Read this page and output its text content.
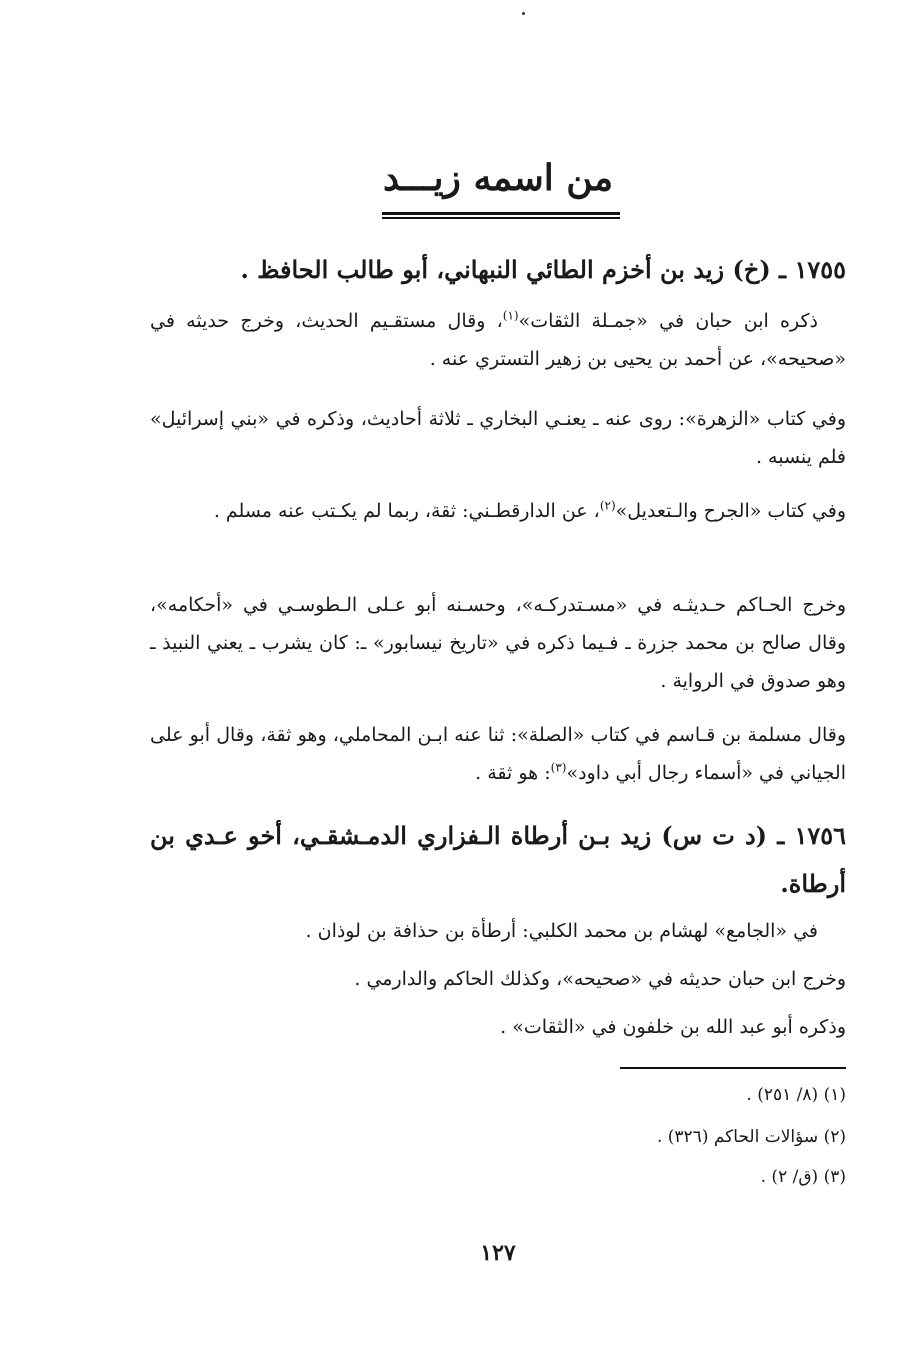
من اسمه زيـــد
١٧٥٥ ـ (خ) زيد بن أخزم الطائي النبهاني، أبو طالب الحافظ .
ذكره ابن حبان في «جمـلة الثقات»$^{(١)}$، وقال مستقـيم الحديث، وخرج حديثه في «صحيحه»، عن أحمد بن يحيى بن زهير التستري عنه .
وفي كتاب «الزهرة»: روى عنه ـ يعنـي البخاري ـ ثلاثة أحاديث، وذكره في «بني إسرائيل» فلم ينسبه .
وفي كتاب «الجرح والـتعديل»$^{(٢)}$، عن الدارقطـني: ثقة، ربما لم يكـتب عنه مسلم .
وخرج الحـاكم حـديثـه في «مسـتدركـه»، وحسـنه أبو عـلى الـطوسـي في «أحكامه»، وقال صالح بن محمد جزرة ـ فـيما ذكره في «تاريخ نيسابور» ـ: كان يشرب ـ يعني النبيذ ـ وهو صدوق في الرواية .
وقال مسلمة بن قـاسم في كتاب «الصلة»: ثنا عنه ابـن المحاملي، وهو ثقة، وقال أبو على الجياني في «أسماء رجال أبي داود»$^{(٣)}$: هو ثقة .
١٧٥٦ ـ (د ت س) زيد بـن أرطاة الـفزاري الدمـشقـي، أخو عـدي بن أرطاة.
في «الجامع» لهشام بن محمد الكلبي: أرطأة بن حذافة بن لوذان .
وخرج ابن حبان حديثه في «صحيحه»، وكذلك الحاكم والدارمي .
وذكره أبو عبد الله بن خلفون في «الثقات» .
(١) (٨/ ٢٥١) .
(٢) سؤالات الحاكم (٣٢٦) .
(٣) (ق/ ٢) .
١٢٧
